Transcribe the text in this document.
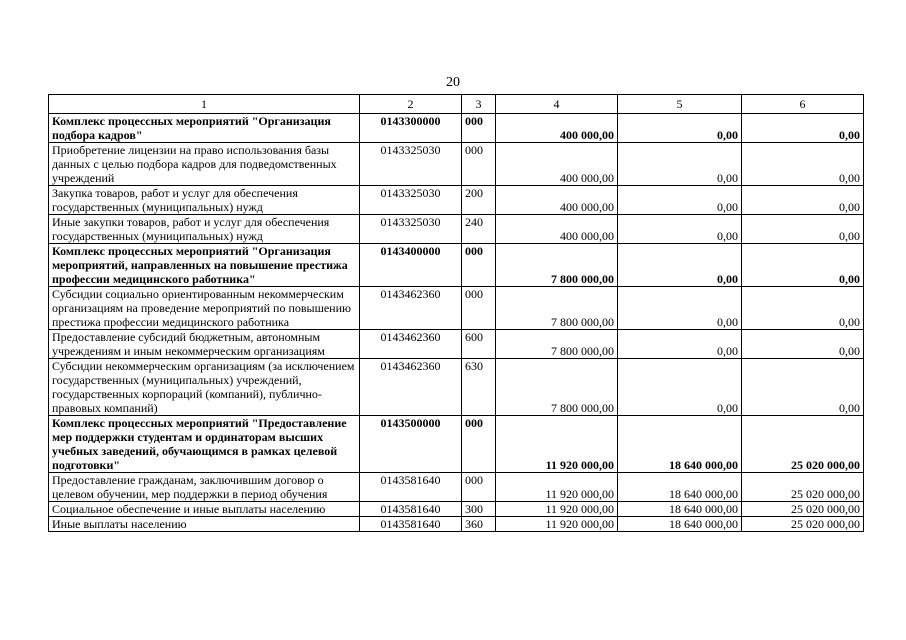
20
1	2	3	4	5	6
Комплекс процессных мероприятий "Организация подбора кадров"	0143300000	000	400 000,00	0,00	0,00
Приобретение лицензии на право использования базы данных с целью подбора кадров для подведомственных учреждений	0143325030	000	400 000,00	0,00	0,00
Закупка товаров, работ и услуг для обеспечения государственных (муниципальных) нужд	0143325030	200	400 000,00	0,00	0,00
Иные закупки товаров, работ и услуг для обеспечения государственных (муниципальных) нужд	0143325030	240	400 000,00	0,00	0,00
Комплекс процессных мероприятий "Организация мероприятий, направленных на повышение престижа профессии медицинского работника"	0143400000	000	7 800 000,00	0,00	0,00
Субсидии социально ориентированным некоммерческим организациям на проведение мероприятий по повышению престижа профессии медицинского работника	0143462360	000	7 800 000,00	0,00	0,00
Предоставление субсидий бюджетным, автономным учреждениям и иным некоммерческим организациям	0143462360	600	7 800 000,00	0,00	0,00
Субсидии некоммерческим организациям (за исключением государственных (муниципальных) учреждений, государственных корпораций (компаний), публично-правовых компаний)	0143462360	630	7 800 000,00	0,00	0,00
Комплекс процессных мероприятий "Предоставление мер поддержки студентам и ординаторам высших учебных заведений, обучающимся в рамках целевой подготовки"	0143500000	000	11 920 000,00	18 640 000,00	25 020 000,00
Предоставление гражданам, заключившим договор о целевом обучении, мер поддержки в период обучения	0143581640	000	11 920 000,00	18 640 000,00	25 020 000,00
Социальное обеспечение и иные выплаты населению	0143581640	300	11 920 000,00	18 640 000,00	25 020 000,00
Иные выплаты населению	0143581640	360	11 920 000,00	18 640 000,00	25 020 000,00
